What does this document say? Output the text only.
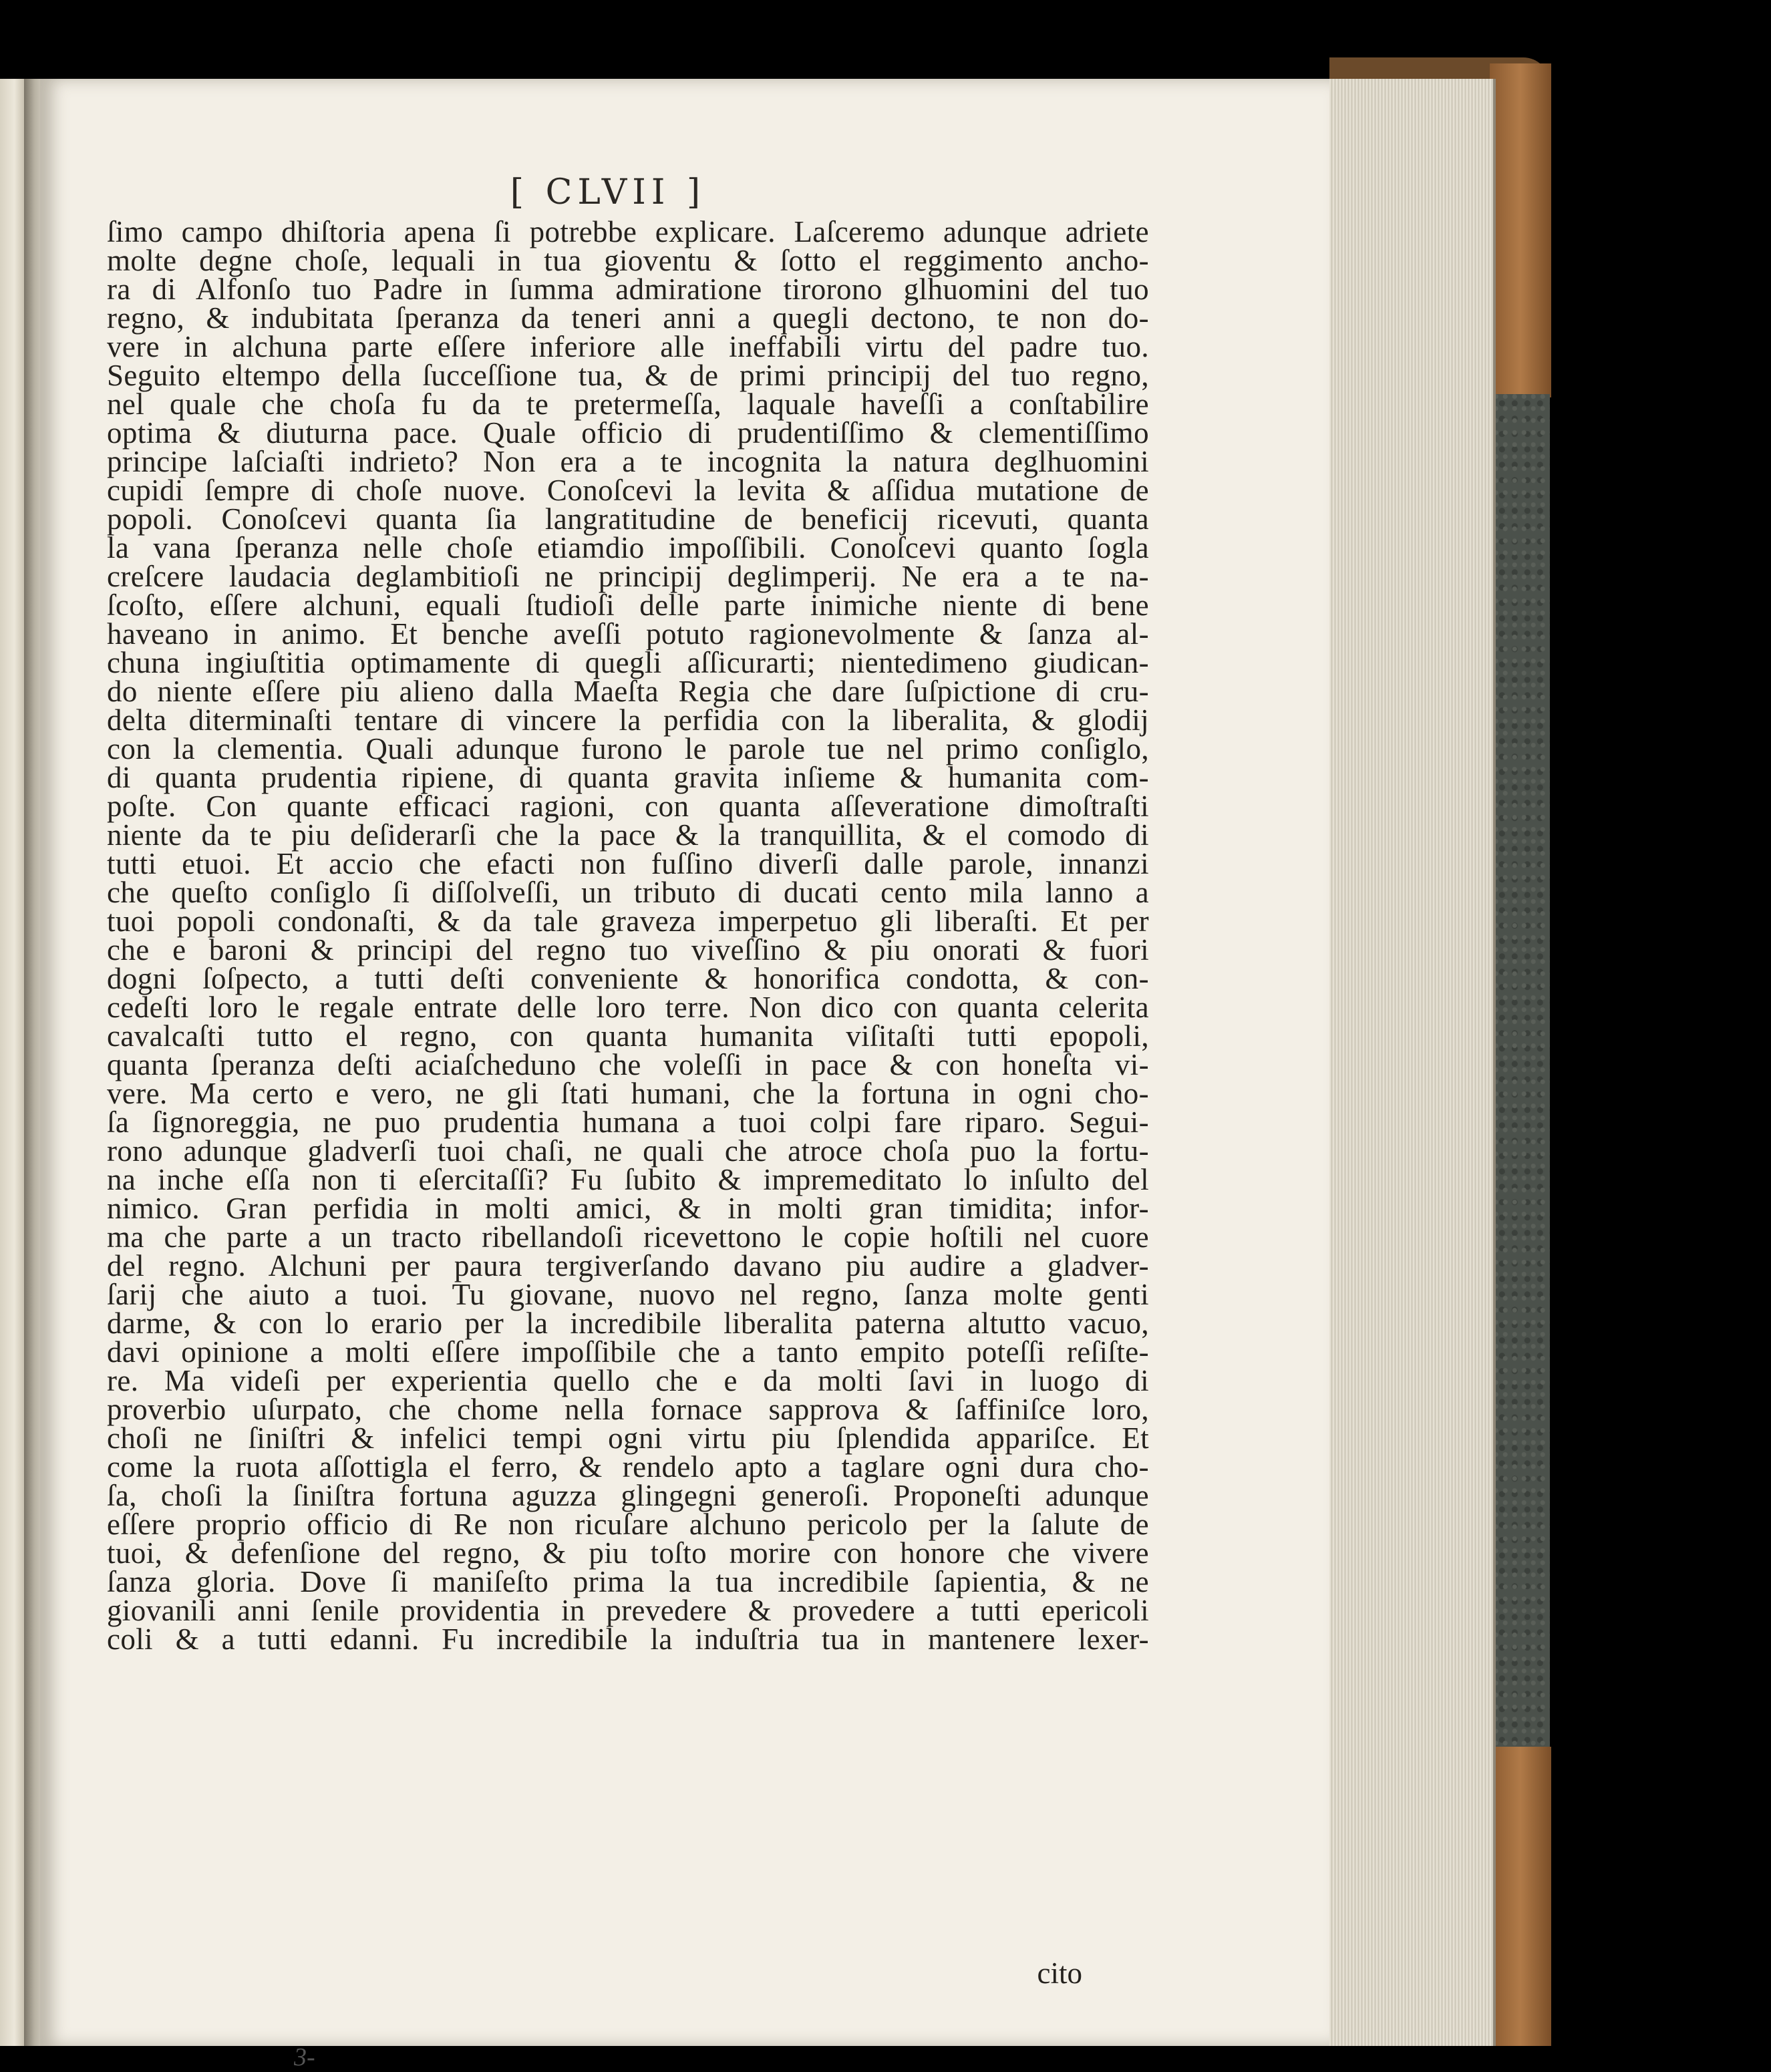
[ CLVII ]
ſimo campo dhiſtoria apena ſi potrebbe explicare. Laſceremo adunque adriete
molte degne choſe, lequali in tua gioventu & ſotto el reggimento ancho-
ra di Alfonſo tuo Padre in ſumma admiratione tirorono glhuomini del tuo
regno, & indubitata ſperanza da teneri anni a quegli dectono, te non do-
vere in alchuna parte eſſere inferiore alle ineffabili virtu del padre tuo.
Seguito eltempo della ſucceſſione tua, & de primi principij del tuo regno,
nel quale che choſa fu da te pretermeſſa, laquale haveſſi a conſtabilire
optima & diuturna pace. Quale officio di prudentiſſimo & clementiſſimo
principe laſciaſti indrieto? Non era a te incognita la natura deglhuomini
cupidi ſempre di choſe nuove. Conoſcevi la levita & aſſidua mutatione de
popoli. Conoſcevi quanta ſia langratitudine de beneficij ricevuti, quanta
la vana ſperanza nelle choſe etiamdio impoſſibili. Conoſcevi quanto ſogla
creſcere laudacia deglambitioſi ne principij deglimperij. Ne era a te na-
ſcoſto, eſſere alchuni, equali ſtudioſi delle parte inimiche niente di bene
haveano in animo. Et benche aveſſi potuto ragionevolmente & ſanza al-
chuna ingiuſtitia optimamente di quegli aſſicurarti; nientedimeno giudican-
do niente eſſere piu alieno dalla Maeſta Regia che dare ſuſpictione di cru-
delta diterminaſti tentare di vincere la perfidia con la liberalita, & glodij
con la clementia. Quali adunque furono le parole tue nel primo conſiglo,
di quanta prudentia ripiene, di quanta gravita inſieme & humanita com-
poſte. Con quante efficaci ragioni, con quanta aſſeveratione dimoſtraſti
niente da te piu deſiderarſi che la pace & la tranquillita, & el comodo di
tutti etuoi. Et accio che efacti non fuſſino diverſi dalle parole, innanzi
che queſto conſiglo ſi diſſolveſſi, un tributo di ducati cento mila lanno a
tuoi popoli condonaſti, & da tale graveza imperpetuo gli liberaſti. Et per
che e baroni & principi del regno tuo viveſſino & piu onorati & fuori
dogni ſoſpecto, a tutti deſti conveniente & honorifica condotta, & con-
cedeſti loro le regale entrate delle loro terre. Non dico con quanta celerita
cavalcaſti tutto el regno, con quanta humanita viſitaſti tutti epopoli,
quanta ſperanza deſti aciaſcheduno che voleſſi in pace & con honeſta vi-
vere. Ma certo e vero, ne gli ſtati humani, che la fortuna in ogni cho-
ſa ſignoreggia, ne puo prudentia humana a tuoi colpi fare riparo. Segui-
rono adunque gladverſi tuoi chaſi, ne quali che atroce choſa puo la fortu-
na inche eſſa non ti eſercitaſſi? Fu ſubito & impremeditato lo inſulto del
nimico. Gran perfidia in molti amici, & in molti gran timidita; infor-
ma che parte a un tracto ribellandoſi ricevettono le copie hoſtili nel cuore
del regno. Alchuni per paura tergiverſando davano piu audire a gladver-
ſarij che aiuto a tuoi. Tu giovane, nuovo nel regno, ſanza molte genti
darme, & con lo erario per la incredibile liberalita paterna altutto vacuo,
davi opinione a molti eſſere impoſſibile che a tanto empito poteſſi reſiſte-
re. Ma videſi per experientia quello che e da molti ſavi in luogo di
proverbio uſurpato, che chome nella fornace sapprova & ſaffiniſce loro,
choſi ne ſiniſtri & infelici tempi ogni virtu piu ſplendida appariſce. Et
come la ruota aſſottigla el ferro, & rendelo apto a taglare ogni dura cho-
ſa, choſi la ſiniſtra fortuna aguzza glingegni generoſi. Proponeſti adunque
eſſere proprio officio di Re non ricuſare alchuno pericolo per la ſalute de
tuoi, & defenſione del regno, & piu toſto morire con honore che vivere
ſanza gloria. Dove ſi maniſeſto prima la tua incredibile ſapientia, & ne
giovanili anni ſenile providentia in prevedere & provedere a tutti epericoli
coli & a tutti edanni. Fu incredibile la induſtria tua in mantenere lexer-
cito
3-
